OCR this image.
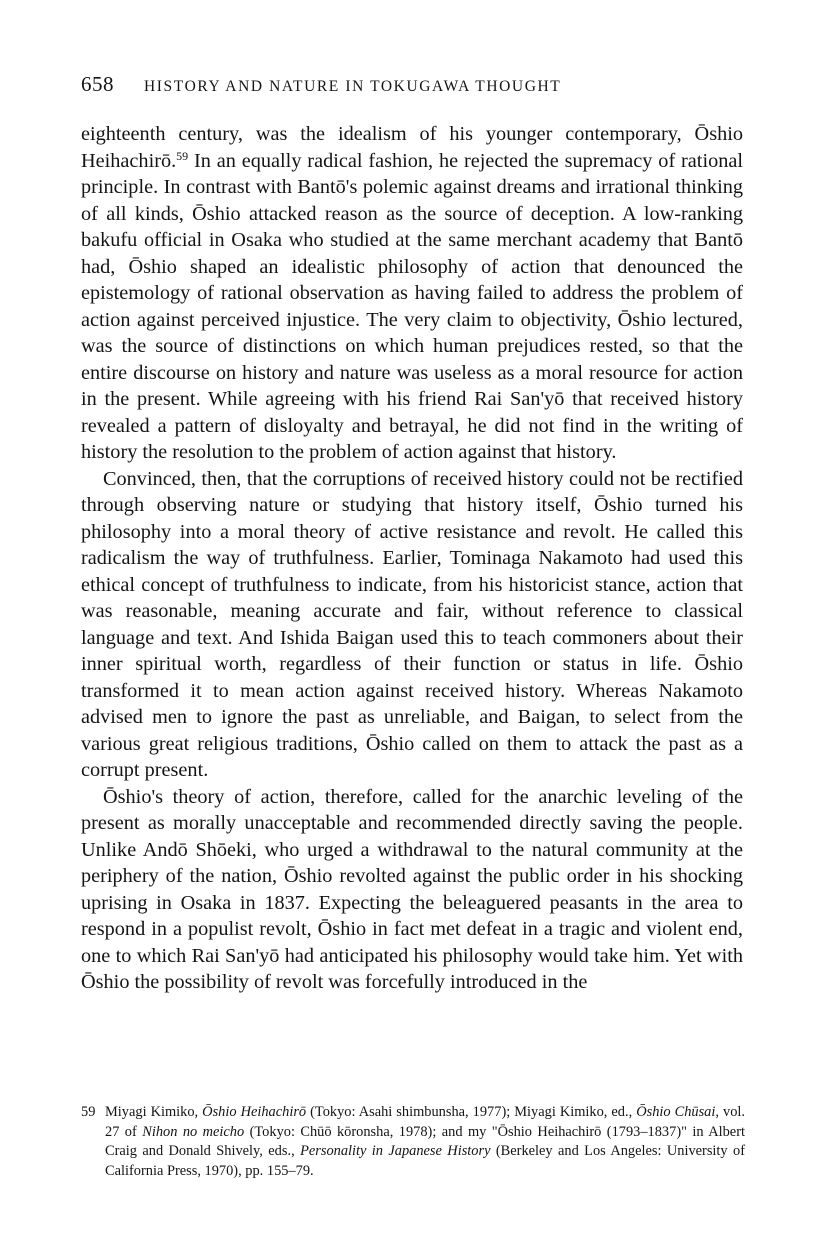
658 HISTORY AND NATURE IN TOKUGAWA THOUGHT

eighteenth century, was the idealism of his younger contemporary, Ōshio Heihachirō.$^{59}$ In an equally radical fashion, he rejected the supremacy of rational principle. In contrast with Bantō's polemic against dreams and irrational thinking of all kinds, Ōshio attacked reason as the source of deception. A low-ranking bakufu official in Osaka who studied at the same merchant academy that Bantō had, Ōshio shaped an idealistic philosophy of action that denounced the epistemology of rational observation as having failed to address the problem of action against perceived injustice. The very claim to objectivity, Ōshio lectured, was the source of distinctions on which human prejudices rested, so that the entire discourse on history and nature was useless as a moral resource for action in the present. While agreeing with his friend Rai San'yō that received history revealed a pattern of disloyalty and betrayal, he did not find in the writing of history the resolution to the problem of action against that history.

Convinced, then, that the corruptions of received history could not be rectified through observing nature or studying that history itself, Ōshio turned his philosophy into a moral theory of active resistance and revolt. He called this radicalism the way of truthfulness. Earlier, Tominaga Nakamoto had used this ethical concept of truthfulness to indicate, from his historicist stance, action that was reasonable, meaning accurate and fair, without reference to classical language and text. And Ishida Baigan used this to teach commoners about their inner spiritual worth, regardless of their function or status in life. Ōshio transformed it to mean action against received history. Whereas Nakamoto advised men to ignore the past as unreliable, and Baigan, to select from the various great religious traditions, Ōshio called on them to attack the past as a corrupt present.

Ōshio's theory of action, therefore, called for the anarchic leveling of the present as morally unacceptable and recommended directly saving the people. Unlike Andō Shōeki, who urged a withdrawal to the natural community at the periphery of the nation, Ōshio revolted against the public order in his shocking uprising in Osaka in 1837. Expecting the beleaguered peasants in the area to respond in a populist revolt, Ōshio in fact met defeat in a tragic and violent end, one to which Rai San'yō had anticipated his philosophy would take him. Yet with Ōshio the possibility of revolt was forcefully introduced in the

59 Miyagi Kimiko, Ōshio Heihachirō (Tokyo: Asahi shimbunsha, 1977); Miyagi Kimiko, ed., Ōshio Chūsai, vol. 27 of Nihon no meicho (Tokyo: Chūō kōronsha, 1978); and my "Ōshio Heihachirō (1793–1837)" in Albert Craig and Donald Shively, eds., Personality in Japanese History (Berkeley and Los Angeles: University of California Press, 1970), pp. 155–79.
